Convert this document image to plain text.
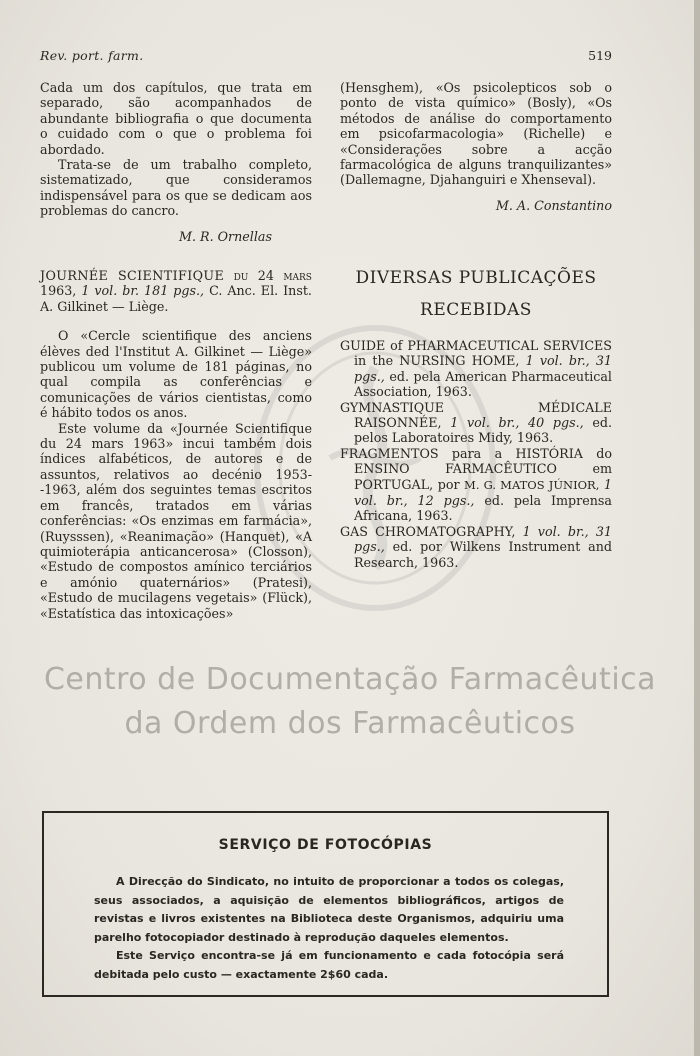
Rev. port. farm.	519

Cada um dos capítulos, que trata em separado, são acompanhados de abundante bibliografia o que documenta o cuidado com o que o problema foi abordado.

Trata-se de um trabalho completo, sistematizado, que consideramos indispensável para os que se dedicam aos problemas do cancro.

M. R. Ornellas

JOURNÉE SCIENTIFIQUE du 24 mars 1963, 1 vol. br. 181 pgs., C. Anc. El. Inst. A. Gilkinet — Liège.

O «Cercle scientifique des anciens élèves ded l'Institut A. Gilkinet — Liège» publicou um volume de 181 páginas, no qual compila as conferências e comunicações de vários cientistas, como é hábito todos os anos.

Este volume da «Journée Scientifique du 24 mars 1963» incui também dois índices alfabéticos, de autores e de assuntos, relativos ao decénio 1953--1963, além dos seguintes temas escritos em francês, tratados em várias conferências: «Os enzimas em farmácia», (Ruysssen), «Reanimação» (Hanquet), «A quimioterápia anticancerosa» (Closson), «Estudo de compostos amínico terciários e amónio quaternários» (Pratesi), «Estudo de mucilagens vegetais» (Flück), «Estatística das intoxicações»

(Hensghem), «Os psicolepticos sob o ponto de vista químico» (Bosly), «Os métodos de análise do comportamento em psicofarmacologia» (Richelle) e «Considerações sobre a acção farmacológica de alguns tranquilizantes» (Dallemagne, Djahanguiri e Xhenseval).

M. A. Constantino

DIVERSAS PUBLICAÇÕES
RECEBIDAS

GUIDE of PHARMACEUTICAL SERVICES in the NURSING HOME, 1 vol. br., 31 pgs., ed. pela American Pharmaceutical Association, 1963.

GYMNASTIQUE MÉDICALE RAISONNÉE, 1 vol. br., 40 pgs., ed. pelos Laboratoires Midy, 1963.

FRAGMENTOS para a HISTÓRIA do ENSINO FARMACÊUTICO em PORTUGAL, por M. G. MATOS JÚNIOR, 1 vol. br., 12 pgs., ed. pela Imprensa Africana, 1963.

GAS CHROMATOGRAPHY, 1 vol. br., 31 pgs., ed. por Wilkens Instrument and Research, 1963.

Centro de Documentação Farmacêutica
da Ordem dos Farmacêuticos
SERVIÇO DE FOTOCÓPIAS

A Direcção do Sindicato, no intuito de proporcionar a todos os colegas, seus associados, a aquisição de elementos bibliográficos, artigos de revistas e livros existentes na Biblioteca deste Organismos, adquiriu uma parelho fotocopiador destinado à reprodução daqueles elementos.

Este Serviço encontra-se já em funcionamento e cada fotocópia será debitada pelo custo — exactamente 2$60 cada.
